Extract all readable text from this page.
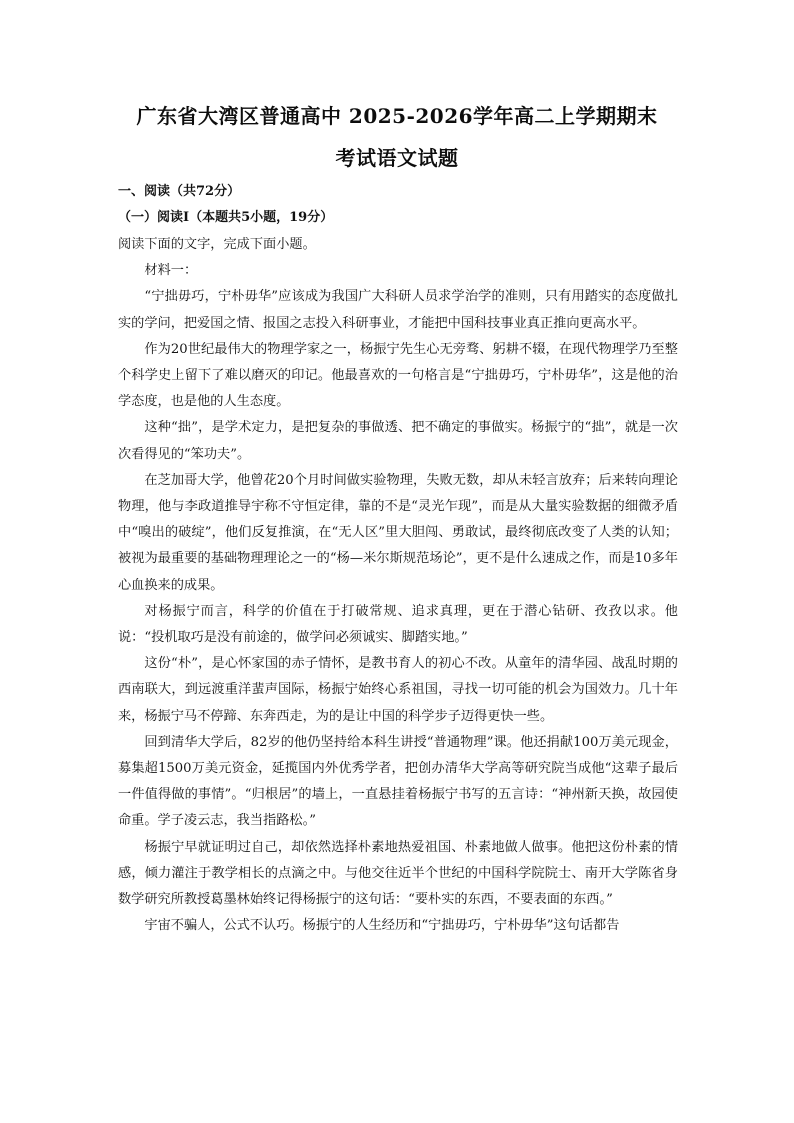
广东省大湾区普通高中 2025-2026学年高二上学期期末
考试语文试题
一、阅读（共72分）
（一）阅读Ⅰ（本题共5小题，19分）

阅读下面的文字，完成下面小题。

材料一：

“宁拙毋巧，宁朴毋华”应该成为我国广大科研人员求学治学的准则，只有用踏实的态度做扎实的学问，把爱国之情、报国之志投入科研事业，才能把中国科技事业真正推向更高水平。

作为20世纪最伟大的物理学家之一，杨振宁先生心无旁骛、躬耕不辍，在现代物理学乃至整个科学史上留下了难以磨灭的印记。他最喜欢的一句格言是“宁拙毋巧，宁朴毋华”，这是他的治学态度，也是他的人生态度。

这种“拙”，是学术定力，是把复杂的事做透、把不确定的事做实。杨振宁的“拙”，就是一次次看得见的“笨功夫”。

在芝加哥大学，他曾花20个月时间做实验物理，失败无数，却从未轻言放弃；后来转向理论物理，他与李政道推导宇称不守恒定律，靠的不是“灵光乍现”，而是从大量实验数据的细微矛盾中“嗅出的破绽”，他们反复推演，在“无人区”里大胆闯、勇敢试，最终彻底改变了人类的认知；被视为最重要的基础物理理论之一的“杨—米尔斯规范场论”，更不是什么速成之作，而是10多年心血换来的成果。

对杨振宁而言，科学的价值在于打破常规、追求真理，更在于潜心钻研、孜孜以求。他说：“投机取巧是没有前途的，做学问必须诚实、脚踏实地。”

这份“朴”，是心怀家国的赤子情怀，是教书育人的初心不改。从童年的清华园、战乱时期的西南联大，到远渡重洋蜚声国际，杨振宁始终心系祖国，寻找一切可能的机会为国效力。几十年来，杨振宁马不停蹄、东奔西走，为的是让中国的科学步子迈得更快一些。

回到清华大学后，82岁的他仍坚持给本科生讲授“普通物理”课。他还捐献100万美元现金，募集超1500万美元资金，延揽国内外优秀学者，把创办清华大学高等研究院当成他“这辈子最后一件值得做的事情”。“归根居”的墙上，一直悬挂着杨振宁书写的五言诗：“神州新天换，故园使命重。学子凌云志，我当指路松。”

杨振宁早就证明过自己，却依然选择朴素地热爱祖国、朴素地做人做事。他把这份朴素的情感，倾力灌注于教学相长的点滴之中。与他交往近半个世纪的中国科学院院士、南开大学陈省身数学研究所教授葛墨林始终记得杨振宁的这句话：“要朴实的东西，不要表面的东西。”

宇宙不骗人，公式不认巧。杨振宁的人生经历和“宁拙毋巧，宁朴毋华”这句话都告
